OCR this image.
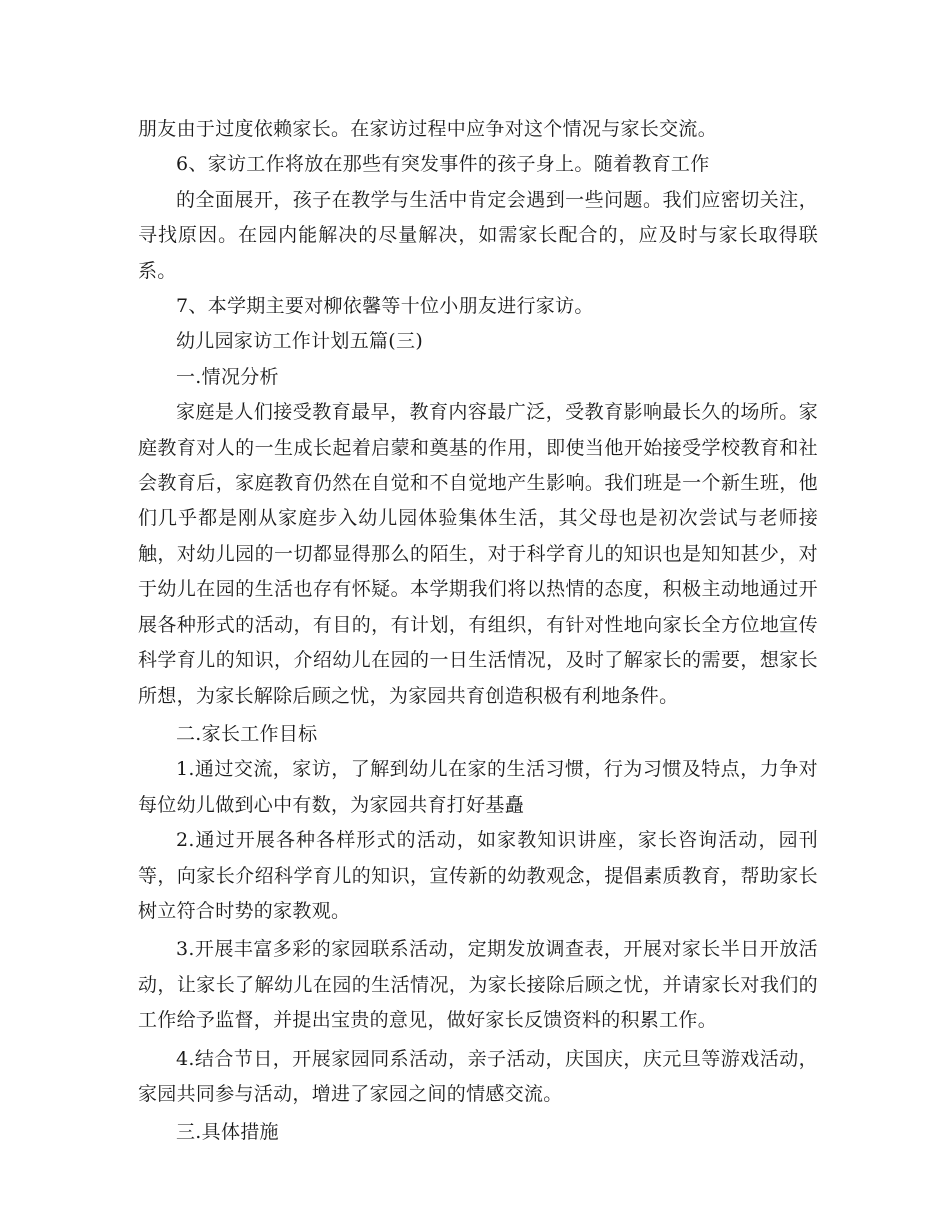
朋友由于过度依赖家长。在家访过程中应争对这个情况与家长交流。

6、家访工作将放在那些有突发事件的孩子身上。随着教育工作

的全面展开，孩子在教学与生活中肯定会遇到一些问题。我们应密切关注，寻找原因。在园内能解决的尽量解决，如需家长配合的，应及时与家长取得联系。

7、本学期主要对柳依馨等十位小朋友进行家访。

幼儿园家访工作计划五篇(三)

一.情况分析

家庭是人们接受教育最早，教育内容最广泛，受教育影响最长久的场所。家庭教育对人的一生成长起着启蒙和奠基的作用，即使当他开始接受学校教育和社会教育后，家庭教育仍然在自觉和不自觉地产生影响。我们班是一个新生班，他们几乎都是刚从家庭步入幼儿园体验集体生活，其父母也是初次尝试与老师接触，对幼儿园的一切都显得那么的陌生，对于科学育儿的知识也是知知甚少，对于幼儿在园的生活也存有怀疑。本学期我们将以热情的态度，积极主动地通过开展各种形式的活动，有目的，有计划，有组织，有针对性地向家长全方位地宣传科学育儿的知识，介绍幼儿在园的一日生活情况，及时了解家长的需要，想家长所想，为家长解除后顾之忧，为家园共育创造积极有利地条件。

二.家长工作目标

1.通过交流，家访，了解到幼儿在家的生活习惯，行为习惯及特点，力争对每位幼儿做到心中有数，为家园共育打好基矗

2.通过开展各种各样形式的活动，如家教知识讲座，家长咨询活动，园刊等，向家长介绍科学育儿的知识，宣传新的幼教观念，提倡素质教育，帮助家长树立符合时势的家教观。

3.开展丰富多彩的家园联系活动，定期发放调查表，开展对家长半日开放活动，让家长了解幼儿在园的生活情况，为家长接除后顾之忧，并请家长对我们的工作给予监督，并提出宝贵的意见，做好家长反馈资料的积累工作。

4.结合节日，开展家园同系活动，亲子活动，庆国庆，庆元旦等游戏活动，家园共同参与活动，增进了家园之间的情感交流。

三.具体措施
